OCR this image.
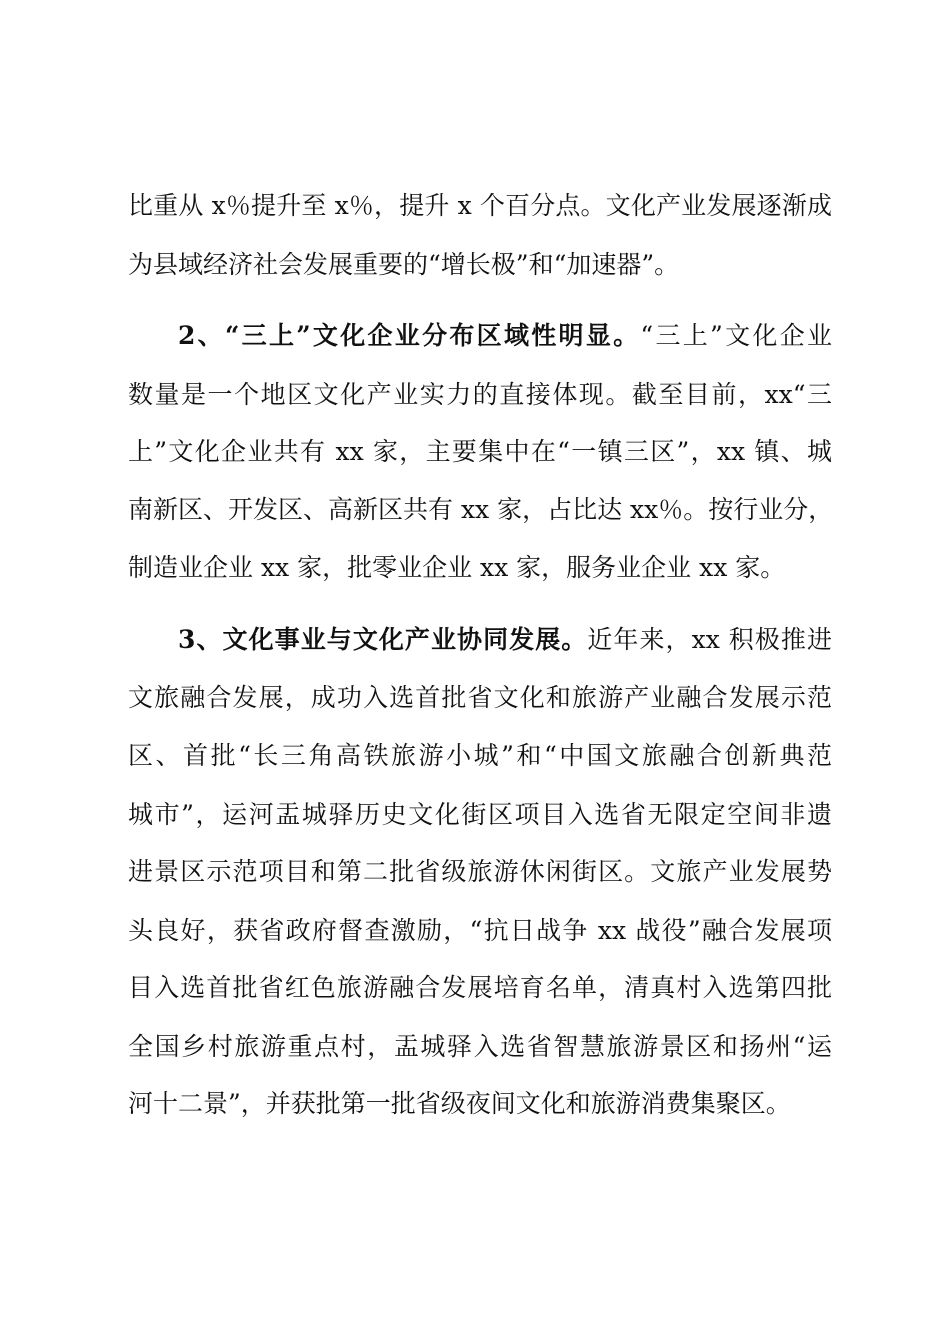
比重从 x％提升至 x％，提升 x 个百分点。文化产业发展逐渐成
为县域经济社会发展重要的“增长极”和“加速器”。
2、“三上”文化企业分布区域性明显。“三上”文化企业
数量是一个地区文化产业实力的直接体现。截至目前，xx“三
上”文化企业共有 xx 家，主要集中在“一镇三区”，xx 镇、城
南新区、开发区、高新区共有 xx 家，占比达 xx％。按行业分，
制造业企业 xx 家，批零业企业 xx 家，服务业企业 xx 家。
3、文化事业与文化产业协同发展。近年来，xx 积极推进
文旅融合发展，成功入选首批省文化和旅游产业融合发展示范
区、首批“长三角高铁旅游小城”和“中国文旅融合创新典范
城市”，运河盂城驿历史文化街区项目入选省无限定空间非遗
进景区示范项目和第二批省级旅游休闲街区。文旅产业发展势
头良好，获省政府督查激励，“抗日战争 xx 战役”融合发展项
目入选首批省红色旅游融合发展培育名单，清真村入选第四批
全国乡村旅游重点村，盂城驿入选省智慧旅游景区和扬州“运
河十二景”，并获批第一批省级夜间文化和旅游消费集聚区。
